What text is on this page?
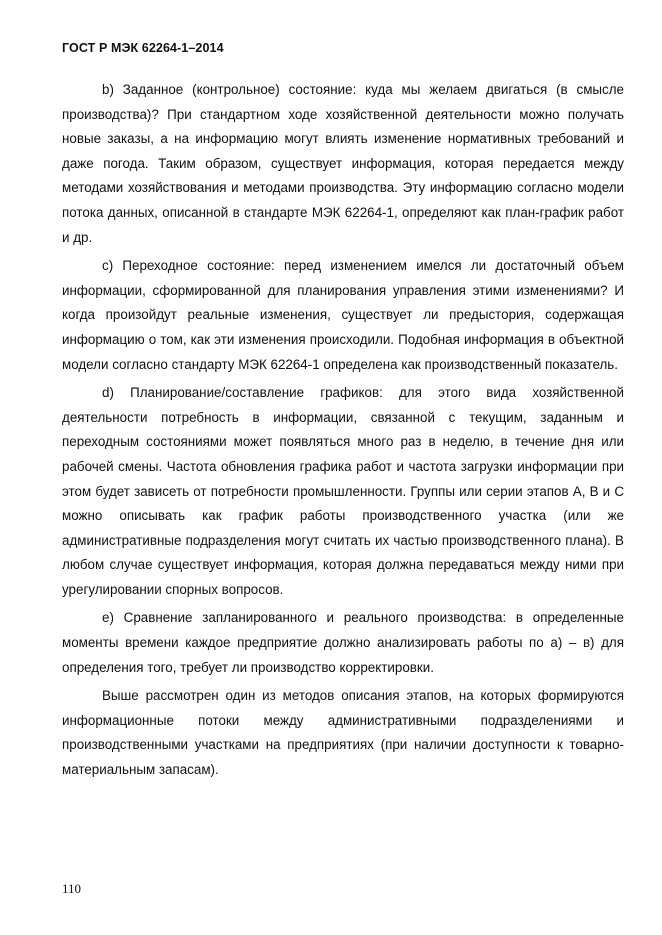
ГОСТ Р МЭК 62264-1–2014

b) Заданное (контрольное) состояние: куда мы желаем двигаться (в смысле производства)? При стандартном ходе хозяйственной деятельности можно получать новые заказы, а на информацию могут влиять изменение нормативных требований и даже погода. Таким образом, существует информация, которая передается между методами хозяйствования и методами производства. Эту информацию согласно модели потока данных, описанной в стандарте МЭК 62264-1, определяют как план-график работ и др.

c) Переходное состояние: перед изменением имелся ли достаточный объем информации, сформированной для планирования управления этими изменениями? И когда произойдут реальные изменения, существует ли предыстория, содержащая информацию о том, как эти изменения происходили. Подобная информация в объектной модели согласно стандарту МЭК 62264-1 определена как производственный показатель.

d) Планирование/составление графиков: для этого вида хозяйственной деятельности потребность в информации, связанной с текущим, заданным и переходным состояниями может появляться много раз в неделю, в течение дня или рабочей смены. Частота обновления графика работ и частота загрузки информации при этом будет зависеть от потребности промышленности. Группы или серии этапов А, В и С можно описывать как график работы производственного участка (или же административные подразделения могут считать их частью производственного плана). В любом случае существует информация, которая должна передаваться между ними при урегулировании спорных вопросов.

e) Сравнение запланированного и реального производства: в определенные моменты времени каждое предприятие должно анализировать работы по а) – в) для определения того, требует ли производство корректировки.

Выше рассмотрен один из методов описания этапов, на которых формируются информационные потоки между административными подразделениями и производственными участками на предприятиях (при наличии доступности к товарно-материальным запасам).

110
